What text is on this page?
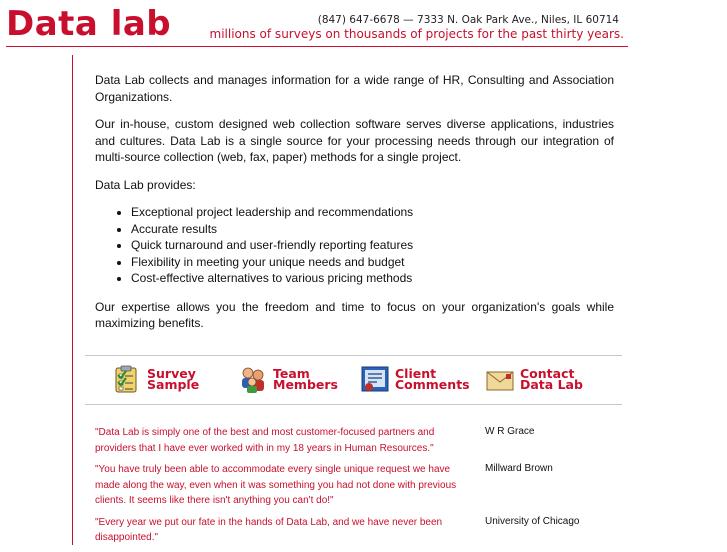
Data lab	(847) 647-6678 — 7333 N. Oak Park Ave., Niles, IL 60714
millions of surveys on thousands of projects for the past thirty years.

Data Lab collects and manages information for a wide range of HR, Consulting and Association Organizations.

Our in-house, custom designed web collection software serves diverse applications, industries and cultures. Data Lab is a single source for your processing needs through our integration of multi-source collection (web, fax, paper) methods for a single project.

Data Lab provides:

• Exceptional project leadership and recommendations
• Accurate results
• Quick turnaround and user-friendly reporting features
• Flexibility in meeting your unique needs and budget
• Cost-effective alternatives to various pricing methods

Our expertise allows you the freedom and time to focus on your organization's goals while maximizing benefits.

Survey
Sample
Team
Members
Client
Comments
Contact
Data Lab
"Data Lab is simply one of the best and most customer-focused partners and providers that I have ever worked with in my 18 years in Human Resources."
W R Grace
"You have truly been able to accommodate every single unique request we have made along the way, even when it was something you had not done with previous clients. It seems like there isn't anything you can't do!"
Millward Brown
"Every year we put our fate in the hands of Data Lab, and we have never been disappointed."
University of Chicago
